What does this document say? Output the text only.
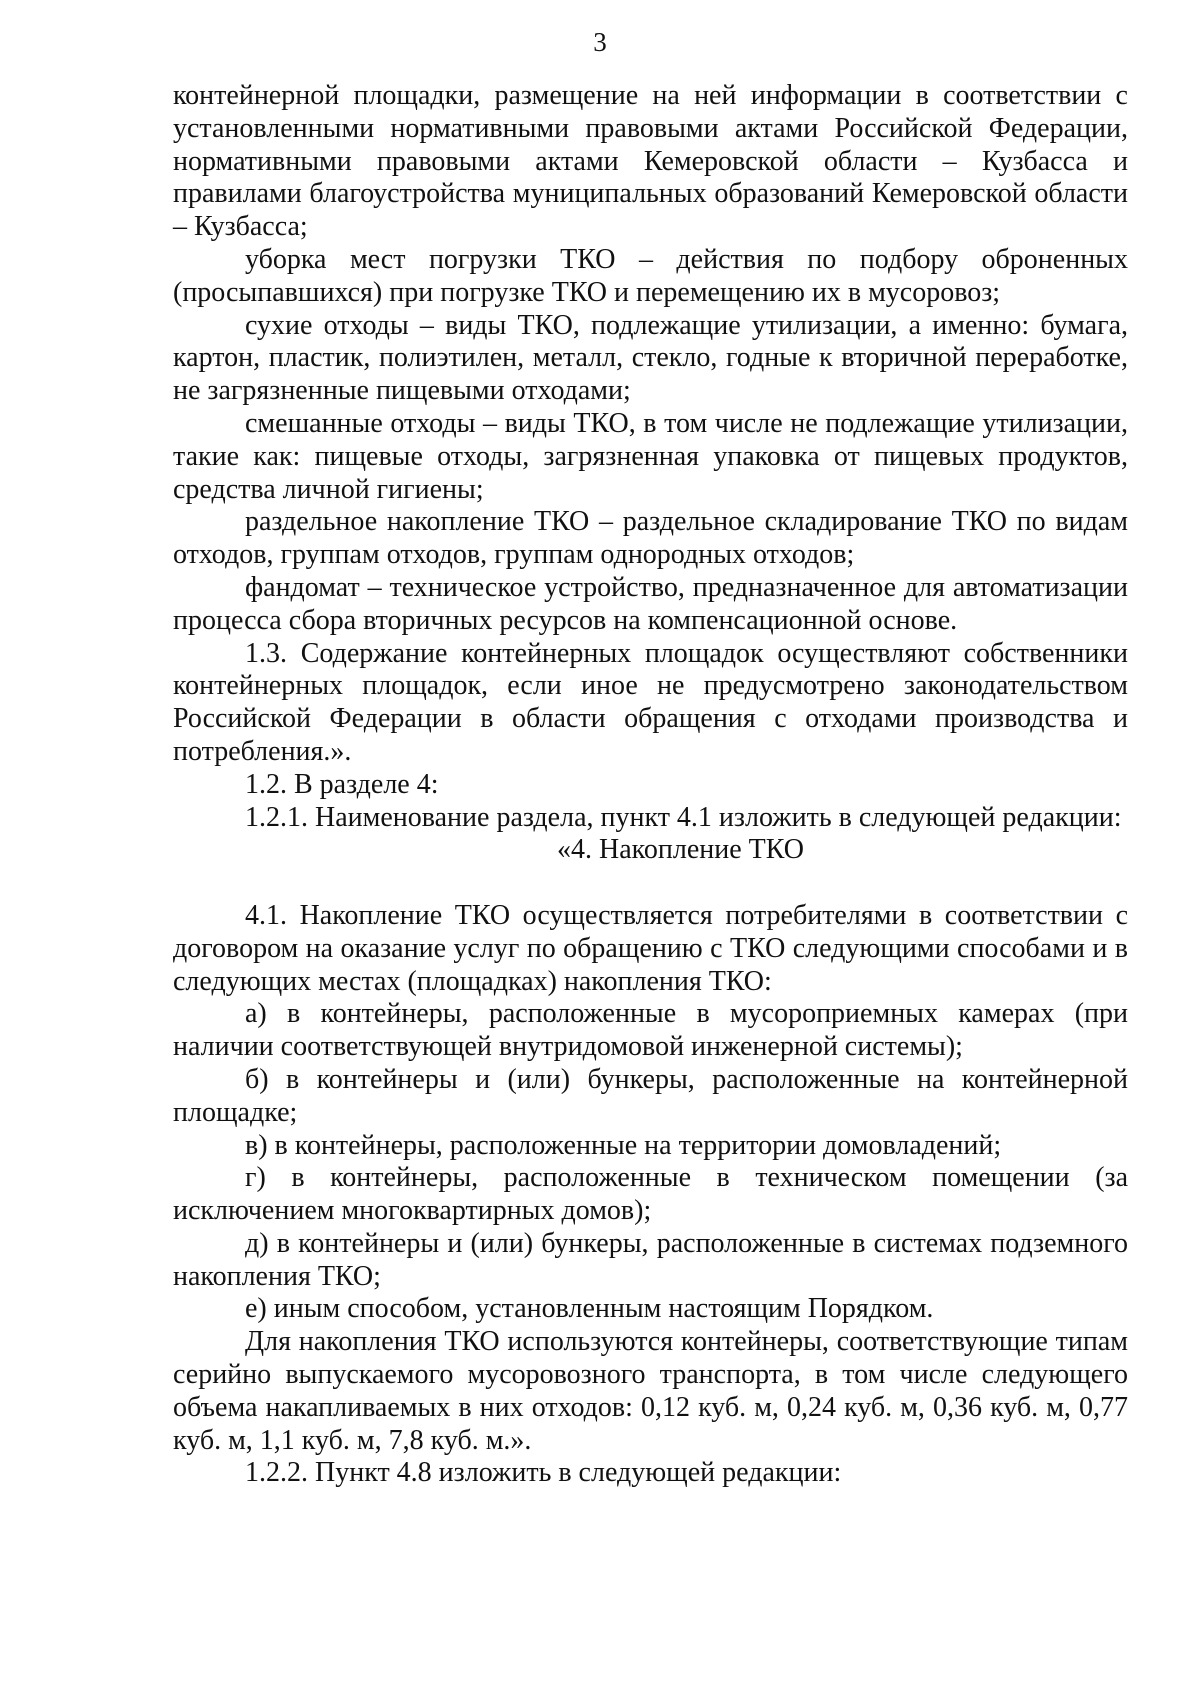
3

контейнерной площадки, размещение на ней информации в соответствии с установленными нормативными правовыми актами Российской Федерации, нормативными правовыми актами Кемеровской области – Кузбасса и правилами благоустройства муниципальных образований Кемеровской области – Кузбасса;

уборка мест погрузки ТКО – действия по подбору оброненных (просыпавшихся) при погрузке ТКО и перемещению их в мусоровоз;

сухие отходы – виды ТКО, подлежащие утилизации, а именно: бумага, картон, пластик, полиэтилен, металл, стекло, годные к вторичной переработке, не загрязненные пищевыми отходами;

смешанные отходы – виды ТКО, в том числе не подлежащие утилизации, такие как: пищевые отходы, загрязненная упаковка от пищевых продуктов, средства личной гигиены;

раздельное накопление ТКО – раздельное складирование ТКО по видам отходов, группам отходов, группам однородных отходов;

фандомат – техническое устройство, предназначенное для автоматизации процесса сбора вторичных ресурсов на компенсационной основе.

1.3. Содержание контейнерных площадок осуществляют собственники контейнерных площадок, если иное не предусмотрено законодательством Российской Федерации в области обращения с отходами производства и потребления.».

1.2. В разделе 4:

1.2.1. Наименование раздела, пункт 4.1 изложить в следующей редакции:

«4. Накопление ТКО

4.1. Накопление ТКО осуществляется потребителями в соответствии с договором на оказание услуг по обращению с ТКО следующими способами и в следующих местах (площадках) накопления ТКО:

а) в контейнеры, расположенные в мусороприемных камерах (при наличии соответствующей внутридомовой инженерной системы);

б) в контейнеры и (или) бункеры, расположенные на контейнерной площадке;

в) в контейнеры, расположенные на территории домовладений;

г) в контейнеры, расположенные в техническом помещении (за исключением многоквартирных домов);

д) в контейнеры и (или) бункеры, расположенные в системах подземного накопления ТКО;

е) иным способом, установленным настоящим Порядком.

Для накопления ТКО используются контейнеры, соответствующие типам серийно выпускаемого мусоровозного транспорта, в том числе следующего объема накапливаемых в них отходов: 0,12 куб. м, 0,24 куб. м, 0,36 куб. м, 0,77 куб. м, 1,1 куб. м, 7,8 куб. м.».

1.2.2. Пункт 4.8 изложить в следующей редакции:
